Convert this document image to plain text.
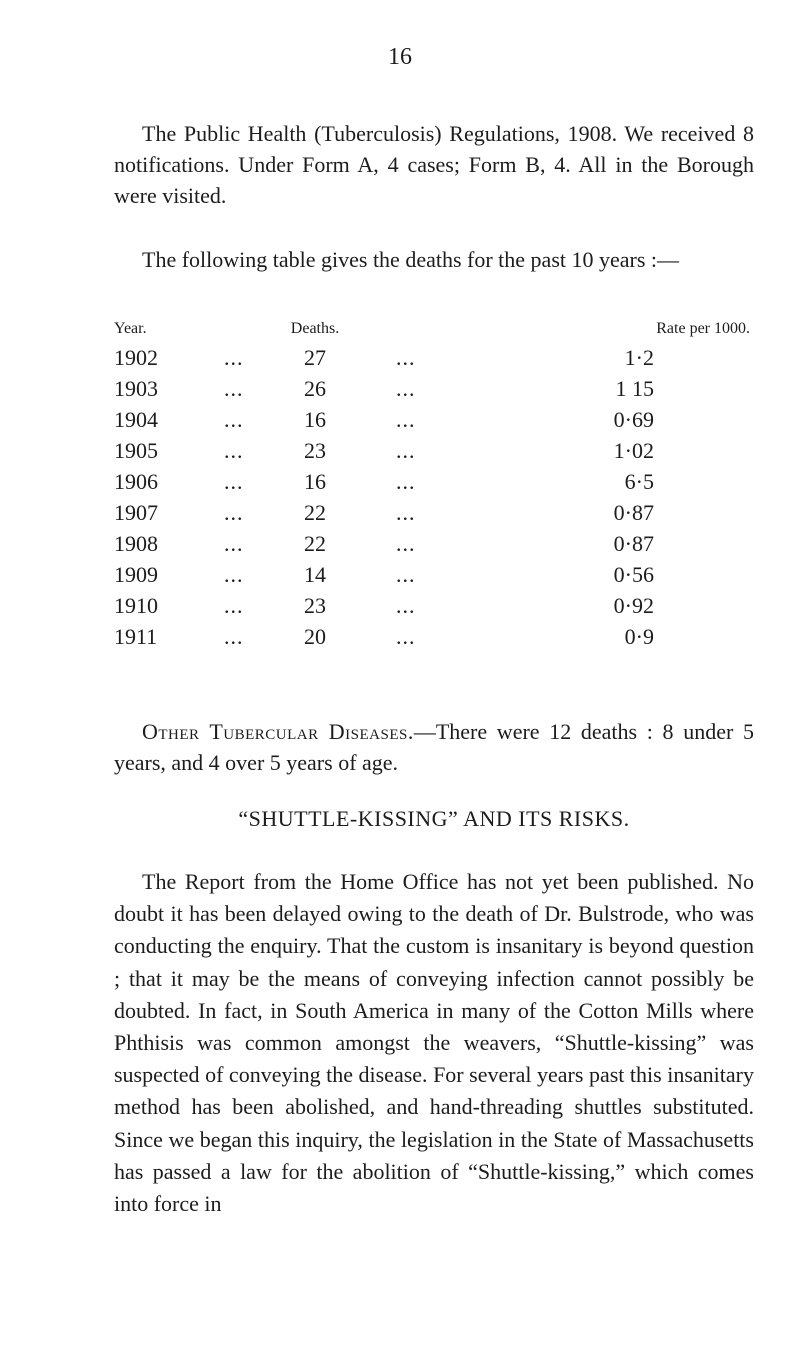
16

The Public Health (Tuberculosis) Regulations, 1908. We received 8 notifications. Under Form A, 4 cases; Form B, 4. All in the Borough were visited.

The following table gives the deaths for the past 10 years :—

Year.	Deaths.	Rate per 1000.
1902	...	27	...	1·2
1903	...	26	...	1 15
1904	...	16	...	0·69
1905	...	23	...	1·02
1906	...	16	...	6·5
1907	...	22	...	0·87
1908	...	22	...	0·87
1909	...	14	...	0·56
1910	...	23	...	0·92
1911	...	20	...	0·9

Other Tubercular Diseases.—There were 12 deaths : 8 under 5 years, and 4 over 5 years of age.

“SHUTTLE-KISSING” AND ITS RISKS.

The Report from the Home Office has not yet been published. No doubt it has been delayed owing to the death of Dr. Bulstrode, who was conducting the enquiry. That the custom is insanitary is beyond question ; that it may be the means of conveying infection cannot possibly be doubted. In fact, in South America in many of the Cotton Mills where Phthisis was common amongst the weavers, “Shuttle-kissing” was suspected of conveying the disease. For several years past this insanitary method has been abolished, and hand-threading shuttles substituted. Since we began this inquiry, the legislation in the State of Massachusetts has passed a law for the abolition of “Shuttle-kissing,” which comes into force in
